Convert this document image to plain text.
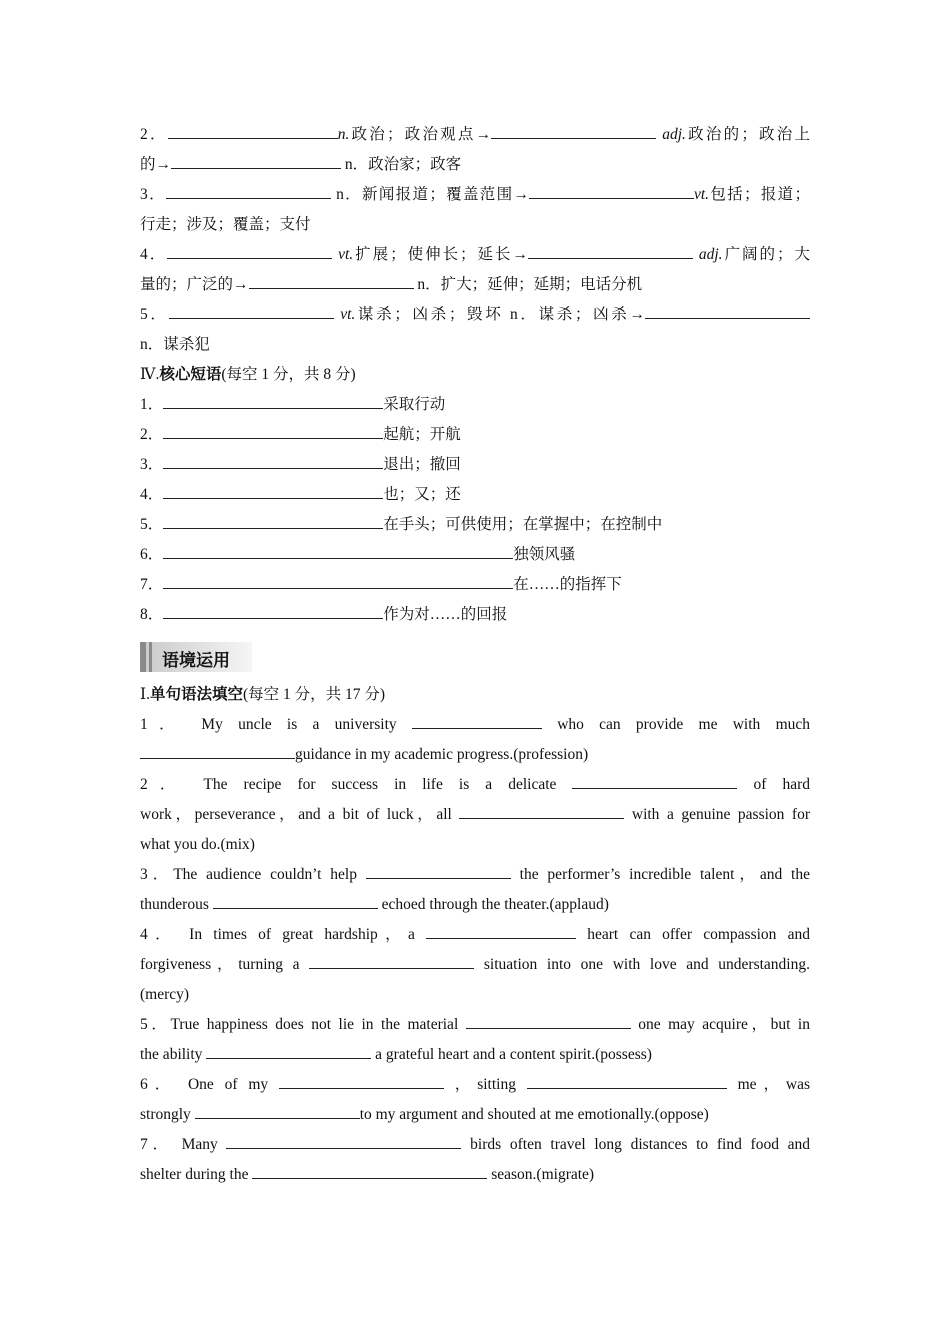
2．	n.政治；政治观点→	adj.政治的；政治上
的→	n．政治家；政客
3．	n．新闻报道；覆盖范围→	vt.包括；报道；
行走；涉及；覆盖；支付
4．	vt.扩展；使伸长；延长→	adj.广阔的；大
量的；广泛的→	n．扩大；延伸；延期；电话分机
5．	vt.谋杀；凶杀；毁坏 n．谋杀；凶杀→
n．谋杀犯
Ⅳ.核心短语(每空 1 分，共 8 分)
1．	采取行动
2．	起航；开航
3．	退出；撤回
4．	也；又；还
5．	在手头；可供使用；在掌握中；在控制中
6．	独领风骚
7．	在……的指挥下
8．	作为对……的回报
语境运用
Ⅰ.单句语法填空(每空 1 分，共 17 分)
1． My uncle is a university	who can provide me with much
guidance in my academic progress.(profession)
2． The recipe for success in life is a delicate	of hard
work，perseverance，and a bit of luck，all	with a genuine passion for
what you do.(mix)
3．The audience couldn’t help	the performer’s incredible talent，and the
thunderous	echoed through the theater.(applaud)
4． In times of great hardship，a	heart can offer compassion and
forgiveness，turning a	situation into one with love and understanding.
(mercy)
5．True happiness does not lie in the material	one may acquire，but in
the ability	a grateful heart and a content spirit.(possess)
6． One of my	，sitting	me，was
strongly	to my argument and shouted at me emotionally.(oppose)
7． Many	birds often travel long distances to find food and
shelter during the	season.(migrate)
